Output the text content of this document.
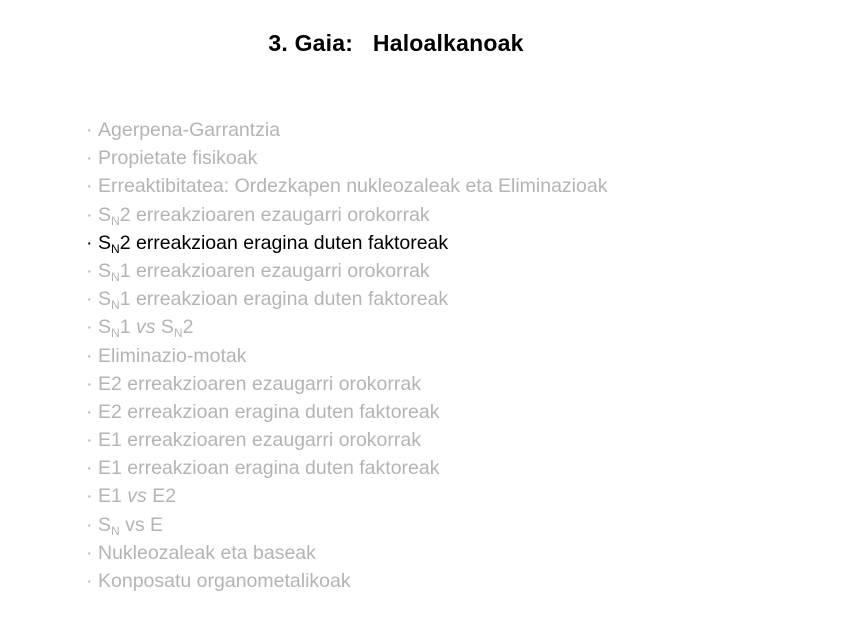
3. Gaia:   Haloalkanoak
· Agerpena-Garrantzia
· Propietate fisikoak
· Erreaktibitatea: Ordezkapen nukleozaleak eta Eliminazioak
· $S_N2$ erreakzioaren ezaugarri orokorrak
· $S_N2$ erreakzioan eragina duten faktoreak
· $S_N1$ erreakzioaren ezaugarri orokorrak
· $S_N1$ erreakzioan eragina duten faktoreak
· $S_N1$ vs $S_N2$
· Eliminazio-motak
· E2 erreakzioaren ezaugarri orokorrak
· E2 erreakzioan eragina duten faktoreak
· E1 erreakzioaren ezaugarri orokorrak
· E1 erreakzioan eragina duten faktoreak
· E1 vs E2
· $S_N$ vs E
· Nukleozaleak eta baseak
· Konposatu organometalikoak
